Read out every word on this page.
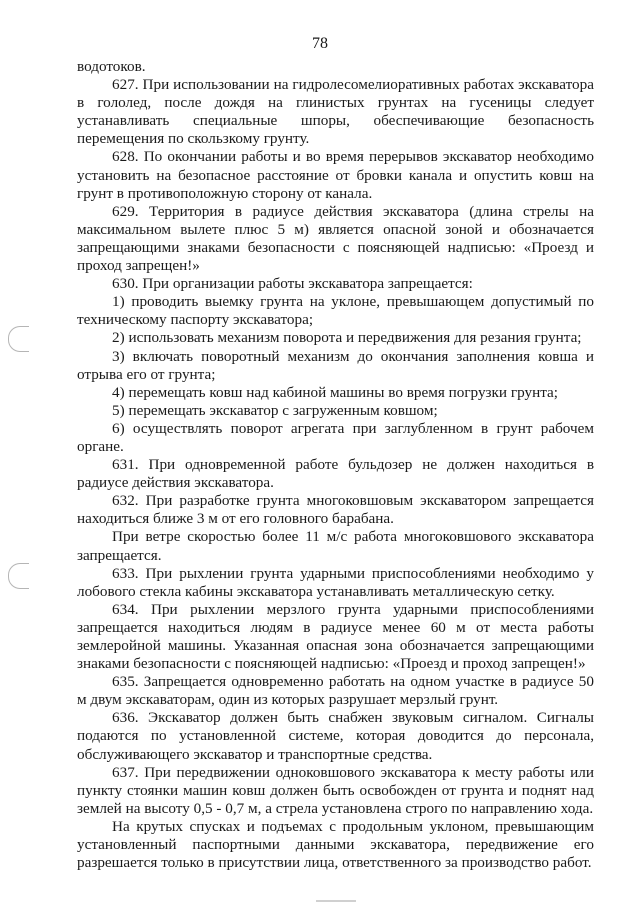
78

водотоков.

627. При использовании на гидролесомелиоративных работах экскаватора в гололед, после дождя на глинистых грунтах на гусеницы следует устанавливать специальные шпоры, обеспечивающие безопасность перемещения по скользкому грунту.

628. По окончании работы и во время перерывов экскаватор необходимо установить на безопасное расстояние от бровки канала и опустить ковш на грунт в противоположную сторону от канала.

629. Территория в радиусе действия экскаватора (длина стрелы на максимальном вылете плюс 5 м) является опасной зоной и обозначается запрещающими знаками безопасности с поясняющей надписью: «Проезд и проход запрещен!»

630. При организации работы экскаватора запрещается:

1) проводить выемку грунта на уклоне, превышающем допустимый по техническому паспорту экскаватора;

2) использовать механизм поворота и передвижения для резания грунта;

3) включать поворотный механизм до окончания заполнения ковша и отрыва его от грунта;

4) перемещать ковш над кабиной машины во время погрузки грунта;

5) перемещать экскаватор с загруженным ковшом;

6) осуществлять поворот агрегата при заглубленном в грунт рабочем органе.

631. При одновременной работе бульдозер не должен находиться в радиусе действия экскаватора.

632. При разработке грунта многоковшовым экскаватором запрещается находиться ближе 3 м от его головного барабана.

При ветре скоростью более 11 м/с работа многоковшового экскаватора запрещается.

633. При рыхлении грунта ударными приспособлениями необходимо у лобового стекла кабины экскаватора устанавливать металлическую сетку.

634. При рыхлении мерзлого грунта ударными приспособлениями запрещается находиться людям в радиусе менее 60 м от места работы землеройной машины. Указанная опасная зона обозначается запрещающими знаками безопасности с поясняющей надписью: «Проезд и проход запрещен!»

635. Запрещается одновременно работать на одном участке в радиусе 50 м двум экскаваторам, один из которых разрушает мерзлый грунт.

636. Экскаватор должен быть снабжен звуковым сигналом. Сигналы подаются по установленной системе, которая доводится до персонала, обслуживающего экскаватор и транспортные средства.

637. При передвижении одноковшового экскаватора к месту работы или пункту стоянки машин ковш должен быть освобожден от грунта и поднят над землей на высоту 0,5 - 0,7 м, а стрела установлена строго по направлению хода.

На крутых спусках и подъемах с продольным уклоном, превышающим установленный паспортными данными экскаватора, передвижение его разрешается только в присутствии лица, ответственного за производство работ.
